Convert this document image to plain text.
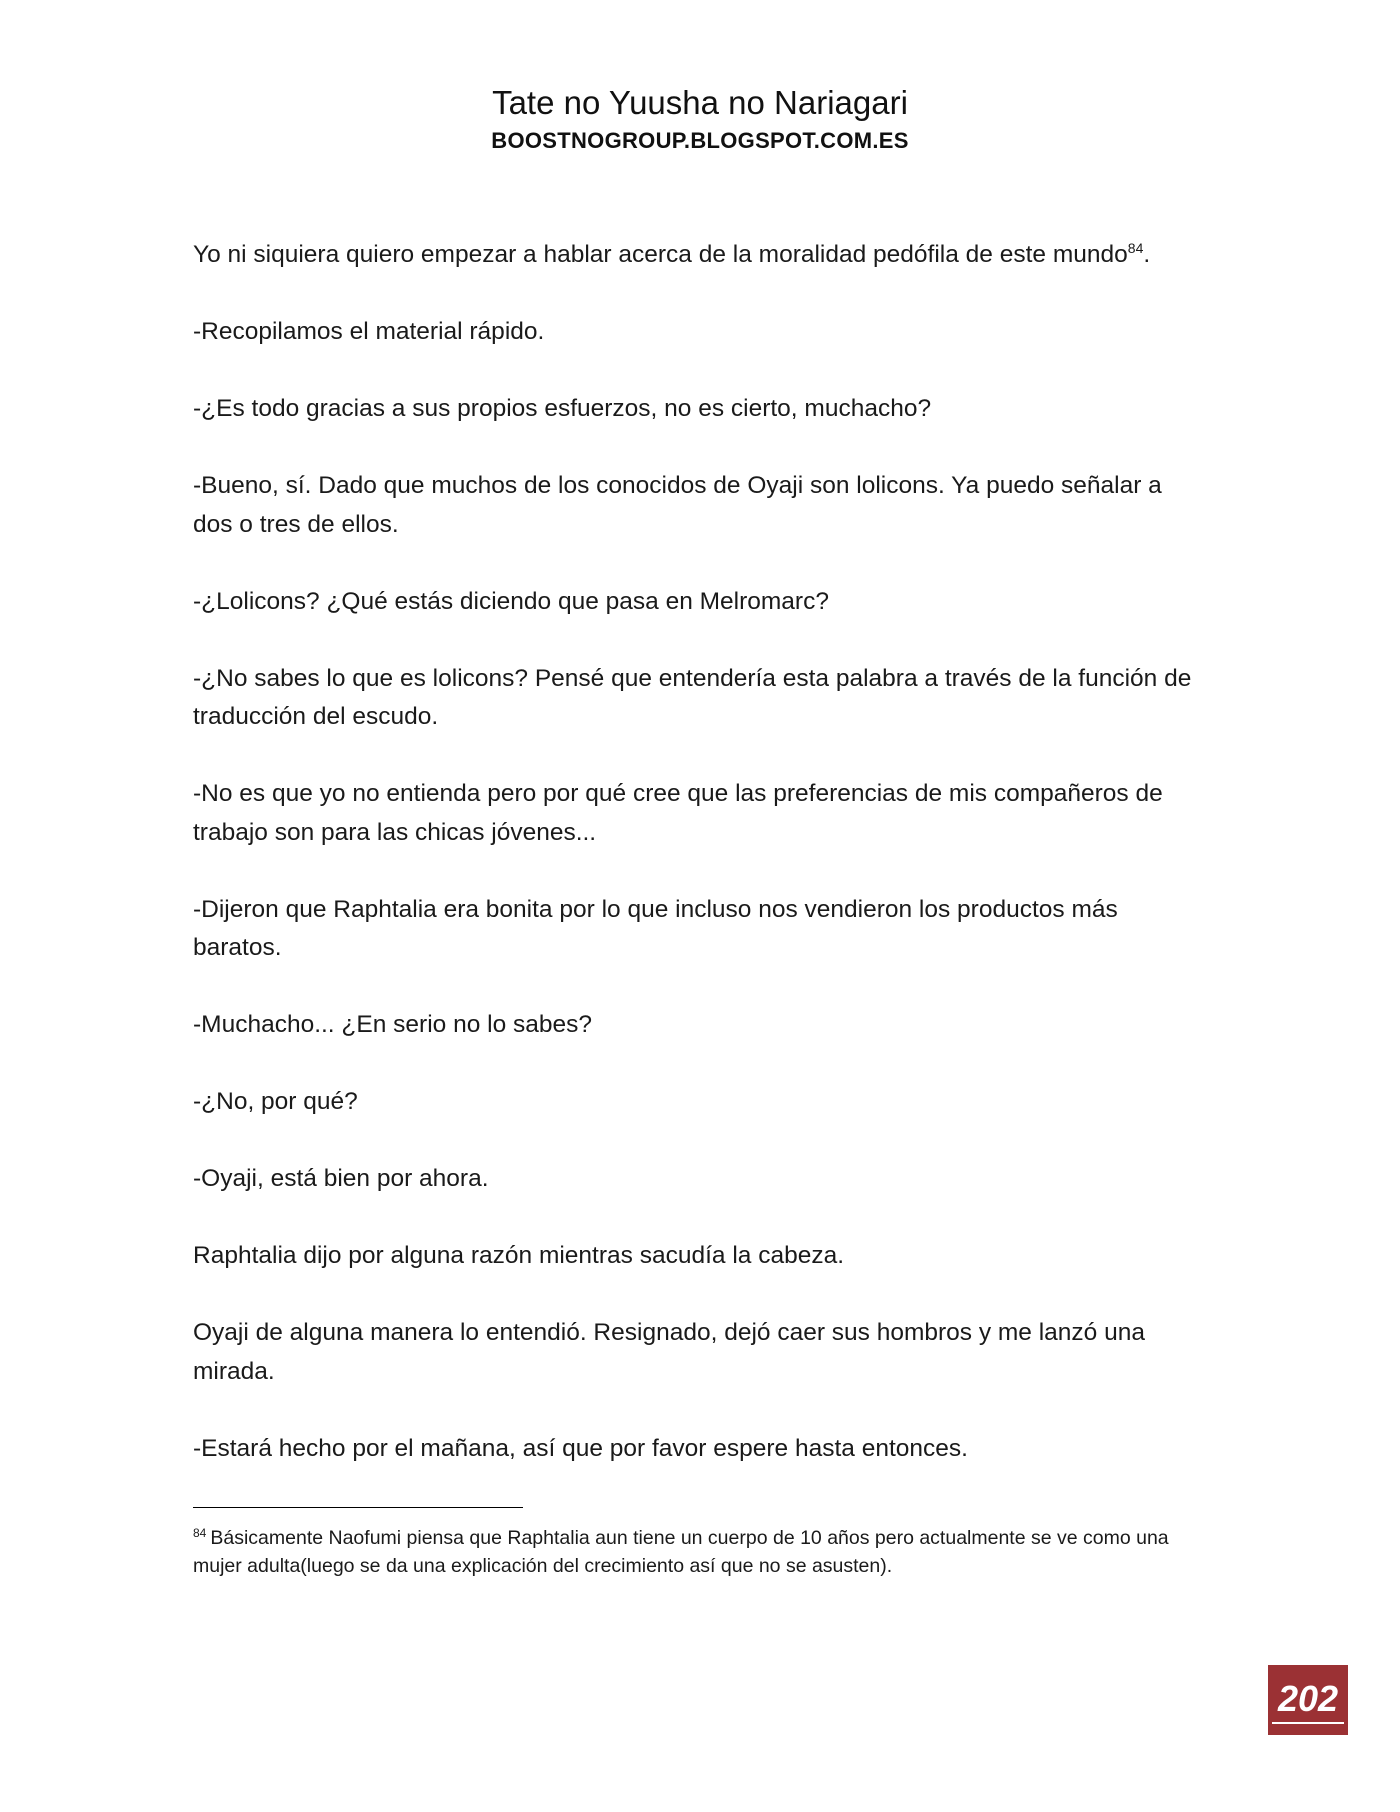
Tate no Yuusha no Nariagari
BOOSTNOGROUP.BLOGSPOT.COM.ES

Yo ni siquiera quiero empezar a hablar acerca de la moralidad pedófila de este mundo$^{84}$.

-Recopilamos el material rápido.

-¿Es todo gracias a sus propios esfuerzos, no es cierto, muchacho?

-Bueno, sí. Dado que muchos de los conocidos de Oyaji son lolicons. Ya puedo señalar a dos o tres de ellos.

-¿Lolicons? ¿Qué estás diciendo que pasa en Melromarc?

-¿No sabes lo que es lolicons? Pensé que entendería esta palabra a través de la función de traducción del escudo.

-No es que yo no entienda pero por qué cree que las preferencias de mis compañeros de trabajo son para las chicas jóvenes...

-Dijeron que Raphtalia era bonita por lo que incluso nos vendieron los productos más baratos.

-Muchacho... ¿En serio no lo sabes?

-¿No, por qué?

-Oyaji, está bien por ahora.

Raphtalia dijo por alguna razón mientras sacudía la cabeza.

Oyaji de alguna manera lo entendió. Resignado, dejó caer sus hombros y me lanzó una mirada.

-Estará hecho por el mañana, así que por favor espere hasta entonces.

$^{84}$ Básicamente Naofumi piensa que Raphtalia aun tiene un cuerpo de 10 años pero actualmente se ve como una mujer adulta(luego se da una explicación del crecimiento así que no se asusten).
202
